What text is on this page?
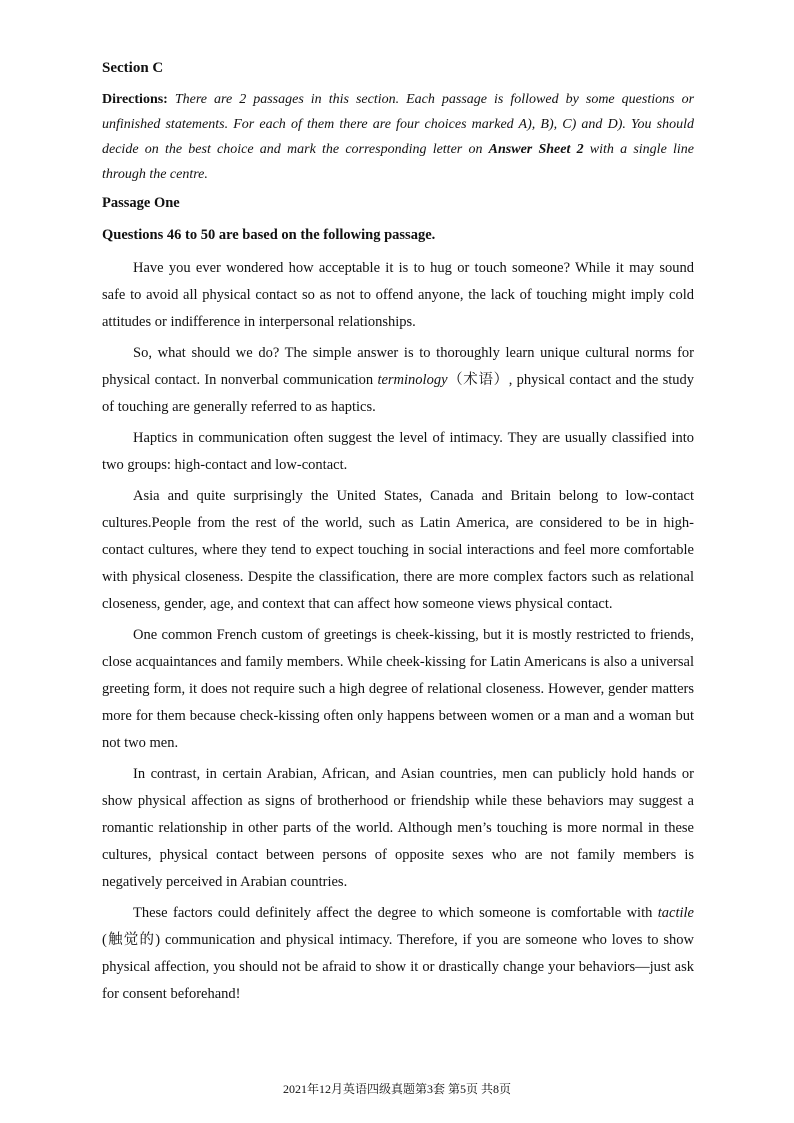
Section C
Directions: There are 2 passages in this section. Each passage is followed by some questions or unfinished statements. For each of them there are four choices marked A), B), C) and D). You should decide on the best choice and mark the corresponding letter on Answer Sheet 2 with a single line through the centre.
Passage One
Questions 46 to 50 are based on the following passage.

Have you ever wondered how acceptable it is to hug or touch someone? While it may sound safe to avoid all physical contact so as not to offend anyone, the lack of touching might imply cold attitudes or indifference in interpersonal relationships.

So, what should we do? The simple answer is to thoroughly learn unique cultural norms for physical contact. In nonverbal communication terminology（术语）, physical contact and the study of touching are generally referred to as haptics.

Haptics in communication often suggest the level of intimacy. They are usually classified into two groups: high-contact and low-contact.

Asia and quite surprisingly the United States, Canada and Britain belong to low-contact cultures.People from the rest of the world, such as Latin America, are considered to be in high-contact cultures, where they tend to expect touching in social interactions and feel more comfortable with physical closeness. Despite the classification, there are more complex factors such as relational closeness, gender, age, and context that can affect how someone views physical contact.

One common French custom of greetings is cheek-kissing, but it is mostly restricted to friends, close acquaintances and family members. While cheek-kissing for Latin Americans is also a universal greeting form, it does not require such a high degree of relational closeness. However, gender matters more for them because check-kissing often only happens between women or a man and a woman but not two men.

In contrast, in certain Arabian, African, and Asian countries, men can publicly hold hands or show physical affection as signs of brotherhood or friendship while these behaviors may suggest a romantic relationship in other parts of the world. Although men’s touching is more normal in these cultures, physical contact between persons of opposite sexes who are not family members is negatively perceived in Arabian countries.

These factors could definitely affect the degree to which someone is comfortable with tactile (触觉的) communication and physical intimacy. Therefore, if you are someone who loves to show physical affection, you should not be afraid to show it or drastically change your behaviors—just ask for consent beforehand!

2021年12月英语四级真题第3套 第5页 共8页
